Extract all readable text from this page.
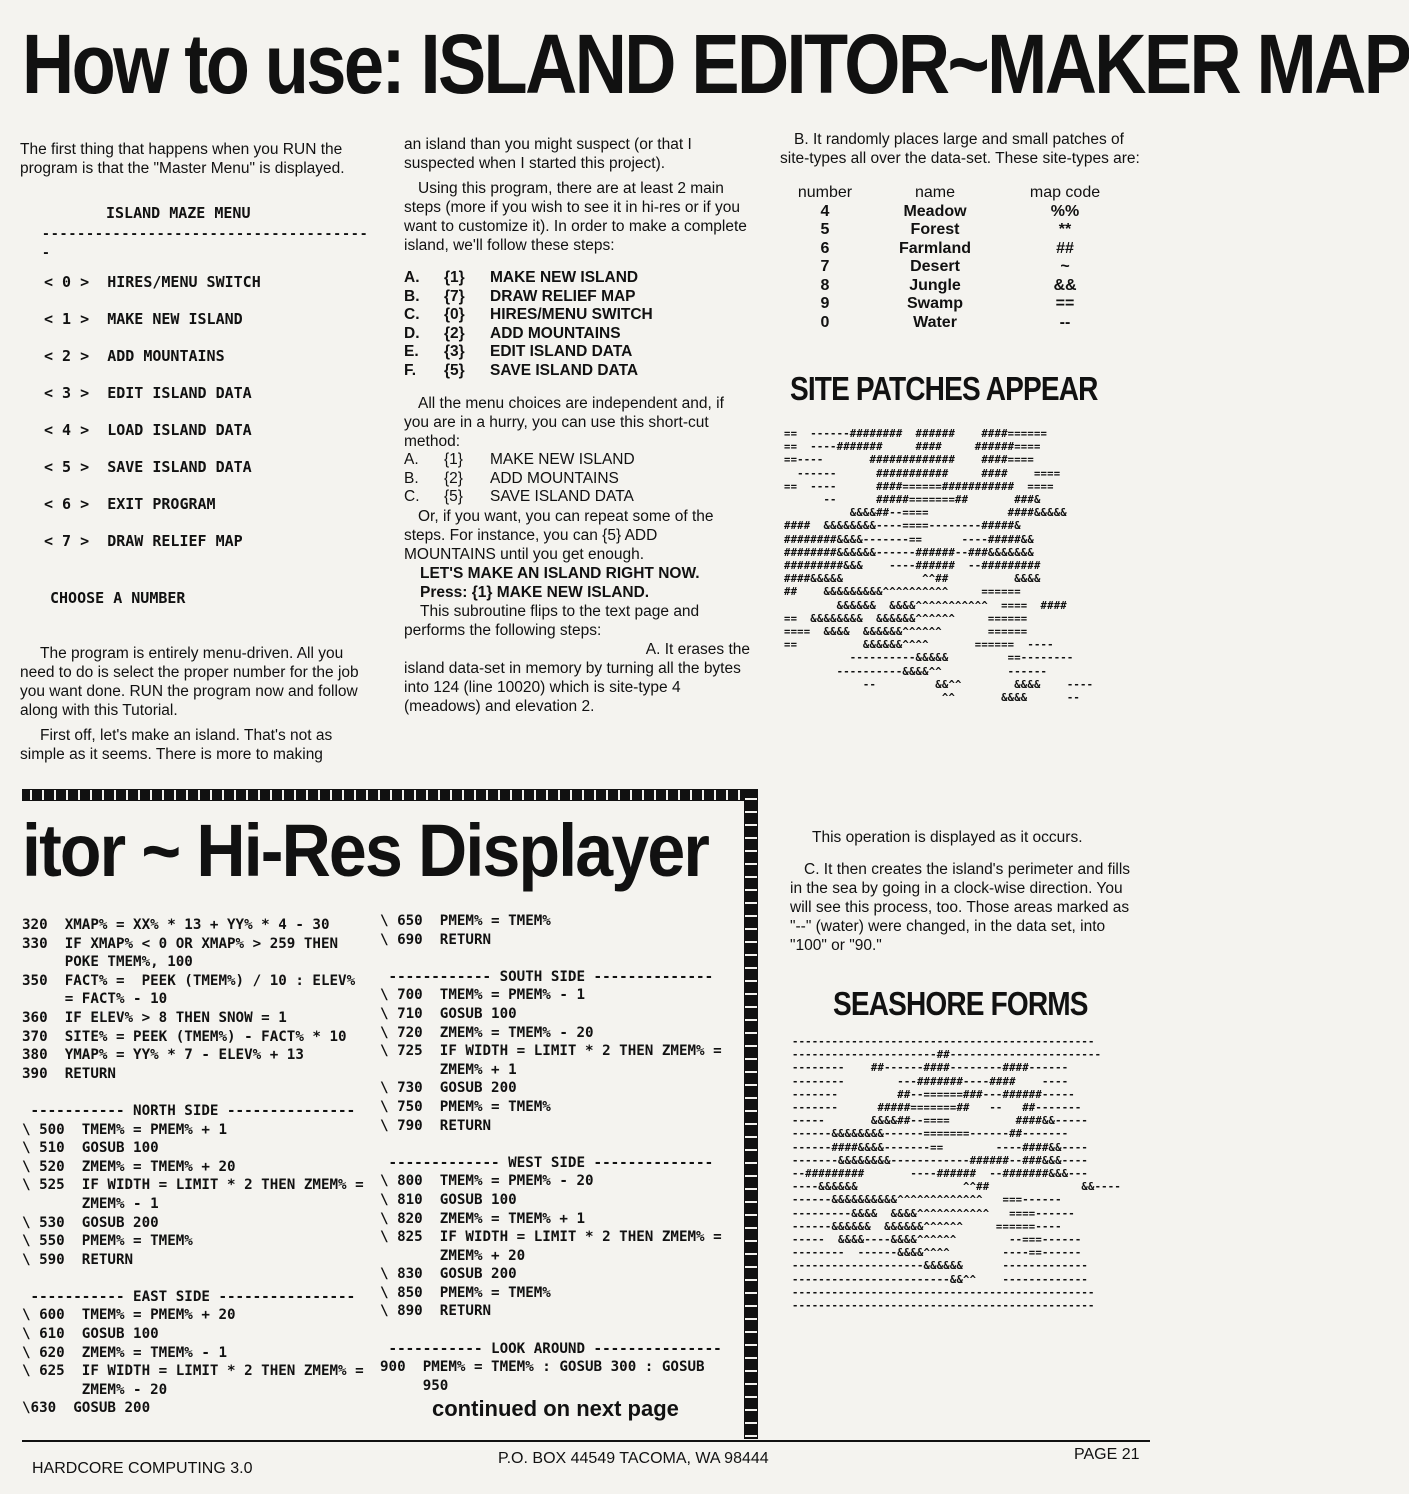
How to use: ISLAND EDITOR~MAKER MAP

The first thing that happens when you RUN the program is that the "Master Menu" is displayed.

ISLAND MAZE MENU
--------------------------------------
< 0 >  HIRES/MENU SWITCH
< 1 >  MAKE NEW ISLAND
< 2 >  ADD MOUNTAINS
< 3 >  EDIT ISLAND DATA
< 4 >  LOAD ISLAND DATA
< 5 >  SAVE ISLAND DATA
< 6 >  EXIT PROGRAM
< 7 >  DRAW RELIEF MAP
CHOOSE A NUMBER

The program is entirely menu-driven. All you need to do is select the proper number for the job you want done. RUN the program now and follow along with this Tutorial.

First off, let's make an island. That's not as simple as it seems. There is more to making

an island than you might suspect (or that I suspected when I started this project).

Using this program, there are at least 2 main steps (more if you wish to see it in hi-res or if you want to customize it). In order to make a complete island, we'll follow these steps:

A.	{1}	MAKE NEW ISLAND
B.	{7}	DRAW RELIEF MAP
C.	{0}	HIRES/MENU SWITCH
D.	{2}	ADD MOUNTAINS
E.	{3}	EDIT ISLAND DATA
F.	{5}	SAVE ISLAND DATA

All the menu choices are independent and, if you are in a hurry, you can use this short-cut method:

A.	{1}	MAKE NEW ISLAND
B.	{2}	ADD MOUNTAINS
C.	{5}	SAVE ISLAND DATA

Or, if you want, you can repeat some of the steps. For instance, you can {5} ADD MOUNTAINS until you get enough.

LET'S MAKE AN ISLAND RIGHT NOW.
Press: {1} MAKE NEW ISLAND.

This subroutine flips to the text page and performs the following steps:

A. It erases the

island data-set in memory by turning all the bytes into 124 (line 10020) which is site-type 4 (meadows) and elevation 2.

B. It randomly places large and small patches of site-types all over the data-set. These site-types are:

number	name	map code
4	Meadow	%%
5	Forest	**
6	Farmland	##
7	Desert	~
8	Jungle	&&
9	Swamp	==
0	Water	--
SITE PATCHES APPEAR
==  ------########  ######    ####======
==  ----#######     ####     ######====
==----       #############    ####====
------      ###########     ####    ====
==  ----      ####======###########  ====
--      #####=======##       ###&
&&&&##--====            ####&&&&&
####  &&&&&&&&----====--------#####&
########&&&&-------==      ----#####&&
########&&&&&&------######--###&&&&&&&
#########&&&    ----######  --#########
####&&&&&            ^^##          &&&&
##    &&&&&&&&&^^^^^^^^^^     ======
&&&&&&  &&&&^^^^^^^^^^^  ====  ####
==  &&&&&&&&  &&&&&&^^^^^^     ======
====  &&&&  &&&&&&^^^^^^       ======
==          &&&&&&^^^^       ======  ----
----------&&&&&         ==--------
----------&&&&^^          ------
--         &&^^        &&&&    ----
^^       &&&&      --
This operation is displayed as it occurs.
C. It then creates the island's perimeter and fills in the sea by going in a clock-wise direction. You will see this process, too. Those areas marked as "--" (water) were changed, in the data set, into "100" or "90."
SEASHORE FORMS
----------------------------------------------
----------------------##-----------------------
--------    ##------####--------####------
--------        ---#######----####    ----
-------         ##--======###---######-----
-------      #####=======##   --   ##-------
-----       &&&&##--====          ####&&-----
------&&&&&&&&------=======------##-------
------####&&&&-------==        ----####&&----
-------&&&&&&&&------------######--###&&&----
--#########       ----######  --#######&&&---
----&&&&&&                ^^##              &&----
------&&&&&&&&&&^^^^^^^^^^^^^   ===------
---------&&&&  &&&&^^^^^^^^^^^   ====------
------&&&&&&  &&&&&&^^^^^^     ======----
-----  &&&&----&&&&^^^^^^        --===------
--------  ------&&&&^^^^        ----==------
--------------------&&&&&&      -------------
------------------------&&^^    -------------
----------------------------------------------
----------------------------------------------
itor ~ Hi-Res Displayer
320  XMAP% = XX% * 13 + YY% * 4 - 30
330  IF XMAP% < 0 OR XMAP% > 259 THEN
POKE TMEM%, 100
350  FACT% =  PEEK (TMEM%) / 10 : ELEV%
= FACT% - 10
360  IF ELEV% > 8 THEN SNOW = 1
370  SITE% = PEEK (TMEM%) - FACT% * 10
380  YMAP% = YY% * 7 - ELEV% + 13
390  RETURN

----------- NORTH SIDE ---------------
\ 500  TMEM% = PMEM% + 1
\ 510  GOSUB 100
\ 520  ZMEM% = TMEM% + 20
\ 525  IF WIDTH = LIMIT * 2 THEN ZMEM% =
ZMEM% - 1
\ 530  GOSUB 200
\ 550  PMEM% = TMEM%
\ 590  RETURN

----------- EAST SIDE ----------------
\ 600  TMEM% = PMEM% + 20
\ 610  GOSUB 100
\ 620  ZMEM% = TMEM% - 1
\ 625  IF WIDTH = LIMIT * 2 THEN ZMEM% =
ZMEM% - 20
\630  GOSUB 200
\ 650  PMEM% = TMEM%
\ 690  RETURN

------------ SOUTH SIDE --------------
\ 700  TMEM% = PMEM% - 1
\ 710  GOSUB 100
\ 720  ZMEM% = TMEM% - 20
\ 725  IF WIDTH = LIMIT * 2 THEN ZMEM% =
ZMEM% + 1
\ 730  GOSUB 200
\ 750  PMEM% = TMEM%
\ 790  RETURN

------------- WEST SIDE --------------
\ 800  TMEM% = PMEM% - 20
\ 810  GOSUB 100
\ 820  ZMEM% = TMEM% + 1
\ 825  IF WIDTH = LIMIT * 2 THEN ZMEM% =
ZMEM% + 20
\ 830  GOSUB 200
\ 850  PMEM% = TMEM%
\ 890  RETURN

----------- LOOK AROUND ---------------
900  PMEM% = TMEM% : GOSUB 300 : GOSUB
950
continued on next page
HARDCORE COMPUTING 3.0
P.O. BOX 44549 TACOMA, WA 98444	PAGE 21
